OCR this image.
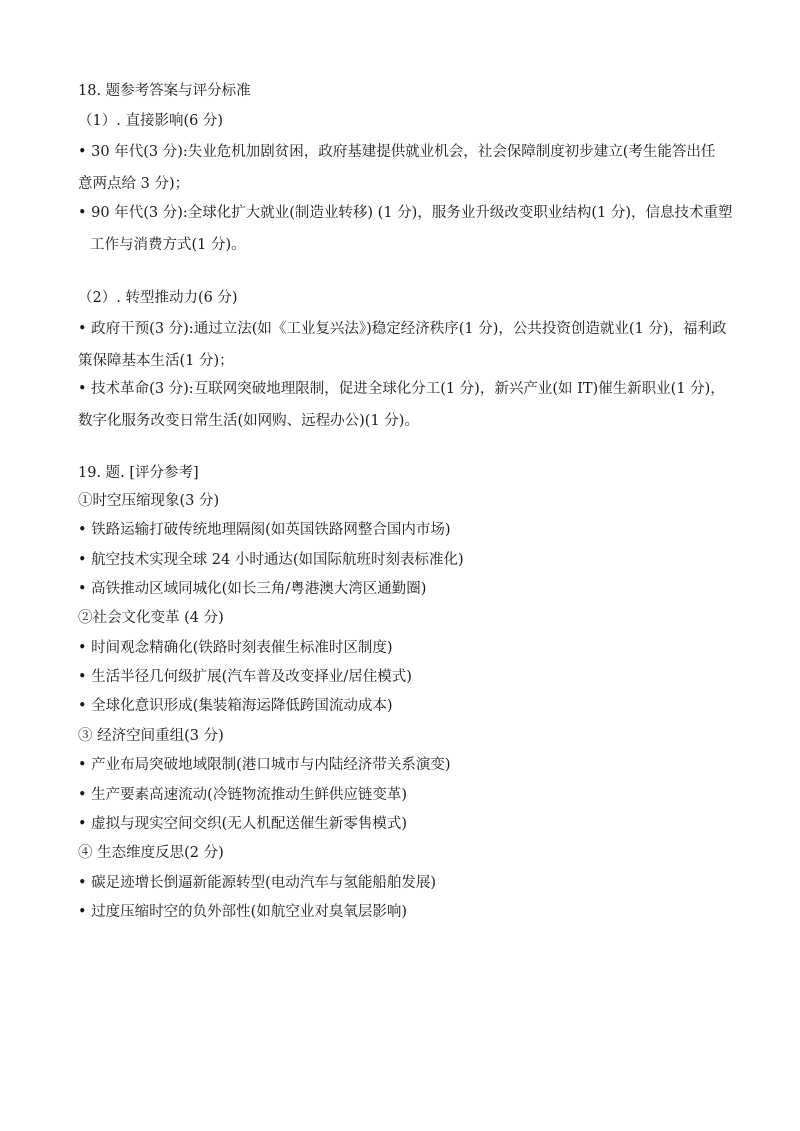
18. 题参考答案与评分标准
（1）. 直接影响(6 分)
• 30 年代(3 分):失业危机加剧贫困，政府基建提供就业机会，社会保障制度初步建立(考生能答出任意两点给 3 分)；
• 90 年代(3 分):全球化扩大就业(制造业转移) (1 分)，服务业升级改变职业结构(1 分)，信息技术重塑工作与消费方式(1 分)。
（2）. 转型推动力(6 分)
• 政府干预(3 分):通过立法(如《工业复兴法》)稳定经济秩序(1 分)，公共投资创造就业(1 分)，福利政策保障基本生活(1 分)；
• 技术革命(3 分):互联网突破地理限制，促进全球化分工(1 分)，新兴产业(如 IT)催生新职业(1 分)，数字化服务改变日常生活(如网购、远程办公)(1 分)。
19. 题. [评分参考]
①时空压缩现象(3 分)
• 铁路运输打破传统地理隔阂(如英国铁路网整合国内市场)
• 航空技术实现全球 24 小时通达(如国际航班时刻表标准化)
• 高铁推动区域同城化(如长三角/粤港澳大湾区通勤圈)
②社会文化变革 (4 分)
• 时间观念精确化(铁路时刻表催生标准时区制度)
• 生活半径几何级扩展(汽车普及改变择业/居住模式)
• 全球化意识形成(集装箱海运降低跨国流动成本)
③ 经济空间重组(3 分)
• 产业布局突破地域限制(港口城市与内陆经济带关系演变)
• 生产要素高速流动(冷链物流推动生鲜供应链变革)
• 虚拟与现实空间交织(无人机配送催生新零售模式)
④ 生态维度反思(2 分)
• 碳足迹增长倒逼新能源转型(电动汽车与氢能船舶发展)
• 过度压缩时空的负外部性(如航空业对臭氧层影响)
